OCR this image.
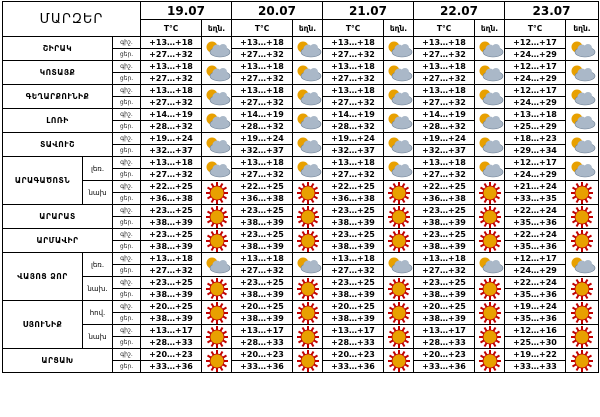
ՄԱՐԶԵՐ			19.07		20.07		21.07		22.07		23.07	
			T°C	եղն.	T°C	եղն.	T°C	եղն.	T°C	եղն.	T°C	եղն.
ՇԻՐԱԿ		գիշ.	+13…+18		+13…+18		+13…+18		+13…+18		+12…+17	

		ցեր.	+27…+32		+27…+32		+27…+32		+27…+32		+24…+29	
ԿՈՏԱՅՔ		գիշ.	+13…+18		+13…+18		+13…+18		+13…+18		+12…+17	

		ցեր.	+27…+32		+27…+32		+27…+32		+27…+32		+24…+29	
ԳԵՂԱՐՔՈՒՆԻՔ		գիշ.	+13…+18		+13…+18		+13…+18		+13…+18		+12…+17	

		ցեր.	+27…+32		+27…+32		+27…+32		+27…+32		+24…+29	
ԼՈՌԻ		գիշ.	+14…+19		+14…+19		+14…+19		+14…+19		+13…+18	

		ցեր.	+28…+32		+28…+32		+28…+32		+28…+32		+25…+29	
ՏԱՎՈՒՇ		գիշ.	+19…+24		+19…+24		+19…+24		+19…+24		+18…+23	

		ցեր.	+32…+37		+32…+37		+32…+37		+32…+37		+29…+34	
ԱՐԱԳԱԾՈՏՆ	լեռ.	գիշ.	+13…+18		+13…+18		+13…+18		+13…+18		+12…+17	

		ցեր.	+27…+32		+27…+32		+27…+32		+27…+32		+24…+29	
	նախ	գիշ.	+22…+25		+22…+25		+22…+25		+22…+25		+21…+24	

		ցեր.	+36…+38		+36…+38		+36…+38		+36…+38		+33…+35	
ԱՐԱՐԱՏ		գիշ.	+23…+25		+23…+25		+23…+25		+23…+25		+22…+24	

		ցեր.	+38…+39		+38…+39		+38…+39		+38…+39		+35…+36	
ԱՐՄԱՎԻՐ		գիշ.	+23…+25		+23…+25		+23…+25		+23…+25		+22…+24	

		ցեր.	+38…+39		+38…+39		+38…+39		+38…+39		+35…+36	
ՎԱՅՈՑ ՁՈՐ	լեռ.	գիշ.	+13…+18		+13…+18		+13…+18		+13…+18		+12…+17	

		ցեր.	+27…+32		+27…+32		+27…+32		+27…+32		+24…+29	
	նախ.	գիշ.	+23…+25		+23…+25		+23…+25		+23…+25		+22…+24	

		ցեր.	+38…+39		+38…+39		+38…+39		+38…+39		+35…+36	
ՍՅՈՒՆԻՔ	հով.	գիշ.	+20…+25		+20…+25		+20…+25		+20…+25		+19…+24	

		ցեր.	+38…+39		+38…+39		+38…+39		+38…+39		+35…+36	
	նախ	գիշ.	+13…+17		+13…+17		+13…+17		+13…+17		+12…+16	

		ցեր.	+28…+33		+28…+33		+28…+33		+28…+33		+25…+30	
ԱՐՑԱԽ		գիշ.	+20…+23		+20…+23		+20…+23		+20…+23		+19…+22	

		ցեր.	+33…+36		+33…+36		+33…+36		+33…+36		+33…+33	
